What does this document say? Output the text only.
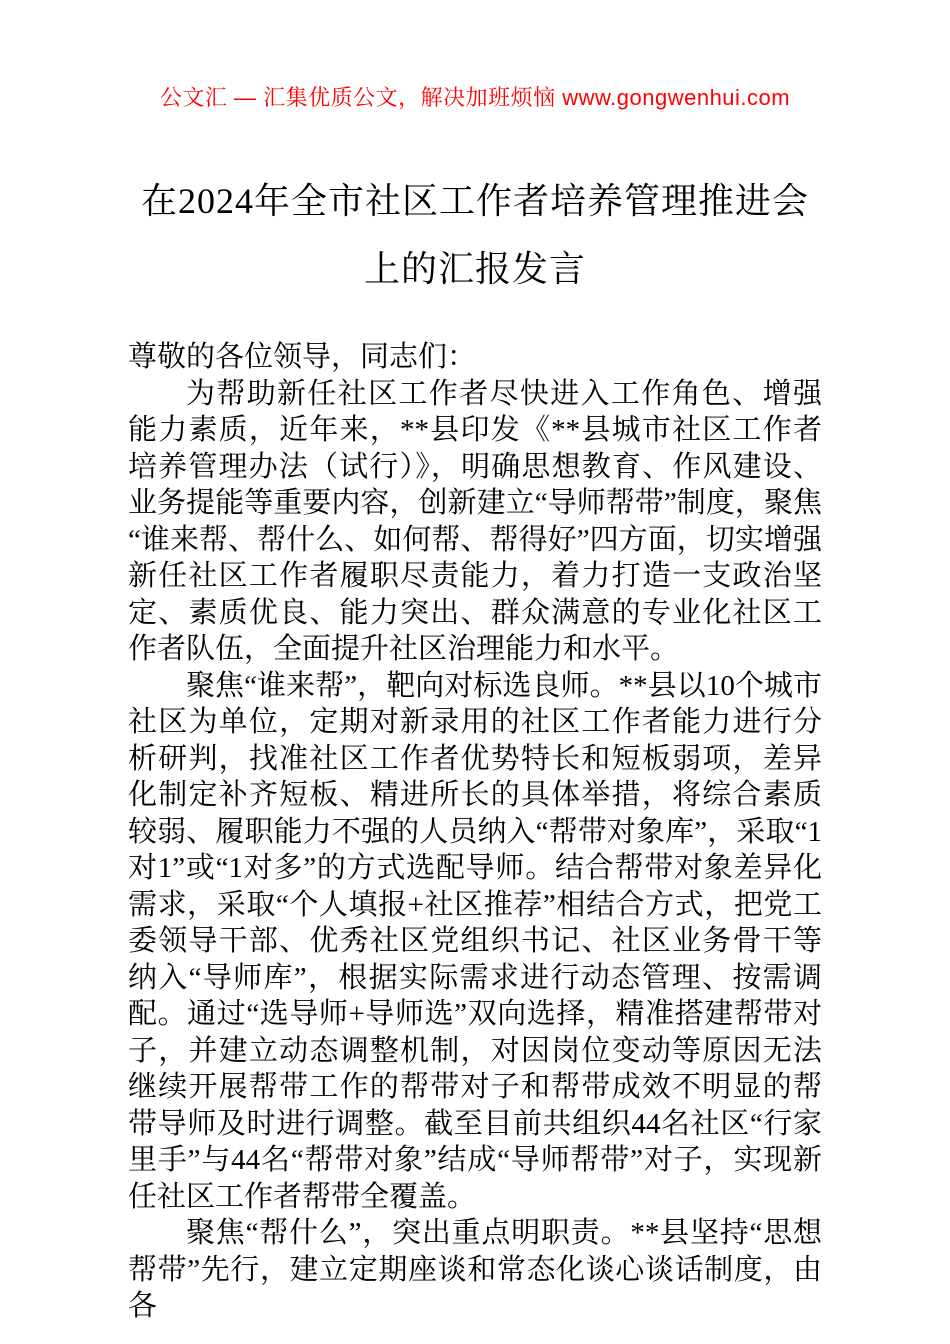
公文汇 — 汇集优质公文，解决加班烦恼 www.gongwenhui.com
在2024年全市社区工作者培养管理推进会
上的汇报发言

尊敬的各位领导，同志们：

为帮助新任社区工作者尽快进入工作角色、增强能力素质，近年来，**县印发《**县城市社区工作者培养管理办法（试行）》，明确思想教育、作风建设、业务提能等重要内容，创新建立“导师帮带”制度，聚焦“谁来帮、帮什么、如何帮、帮得好”四方面，切实增强新任社区工作者履职尽责能力，着力打造一支政治坚定、素质优良、能力突出、群众满意的专业化社区工作者队伍，全面提升社区治理能力和水平。

聚焦“谁来帮”，靶向对标选良师。**县以10个城市社区为单位，定期对新录用的社区工作者能力进行分析研判，找准社区工作者优势特长和短板弱项，差异化制定补齐短板、精进所长的具体举措，将综合素质较弱、履职能力不强的人员纳入“帮带对象库”，采取“1对1”或“1对多”的方式选配导师。结合帮带对象差异化需求，采取“个人填报+社区推荐”相结合方式，把党工委领导干部、优秀社区党组织书记、社区业务骨干等纳入“导师库”，根据实际需求进行动态管理、按需调配。通过“选导师+导师选”双向选择，精准搭建帮带对子，并建立动态调整机制，对因岗位变动等原因无法继续开展帮带工作的帮带对子和帮带成效不明显的帮带导师及时进行调整。截至目前共组织44名社区“行家里手”与44名“帮带对象”结成“导师帮带”对子，实现新任社区工作者帮带全覆盖。

聚焦“帮什么”，突出重点明职责。**县坚持“思想帮带”先行，建立定期座谈和常态化谈心谈话制度，由各
